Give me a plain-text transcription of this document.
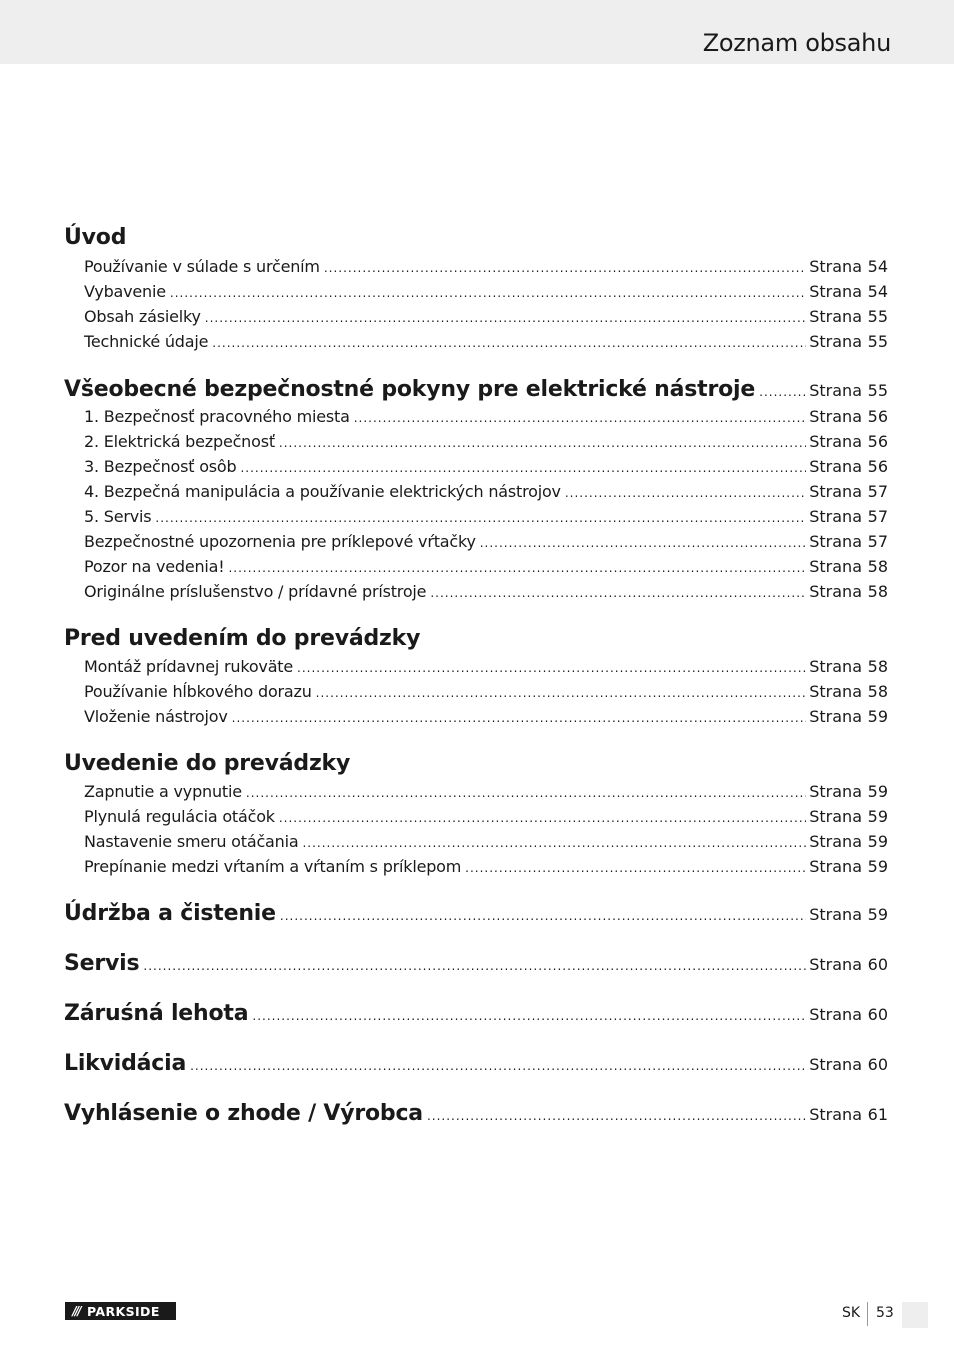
Zoznam obsahu
Úvod
Používanie v súlade s určením .....	Strana 54
Vybavenie .....	Strana 54
Obsah zásielky .....	Strana 55
Technické údaje .....	Strana 55
Všeobecné bezpečnostné pokyny pre elektrické nástroje .....	Strana 55
1. Bezpečnosť pracovného miesta .....	Strana 56
2. Elektrická bezpečnosť .....	Strana 56
3. Bezpečnosť osôb .....	Strana 56
4. Bezpečná manipulácia a používanie elektrických nástrojov .....	Strana 57
5. Servis .....	Strana 57
Bezpečnostné upozornenia pre príklepové vŕtačky .....	Strana 57
Pozor na vedenia! .....	Strana 58
Originálne príslušenstvo / prídavné prístroje .....	Strana 58
Pred uvedením do prevádzky
Montáž prídavnej rukoväte .....	Strana 58
Používanie hĺbkového dorazu .....	Strana 58
Vloženie nástrojov .....	Strana 59
Uvedenie do prevádzky
Zapnutie a vypnutie .....	Strana 59
Plynulá regulácia otáčok .....	Strana 59
Nastavenie smeru otáčania .....	Strana 59
Prepínanie medzi vŕtaním a vŕtaním s príklepom .....	Strana 59
Údržba a čistenie .....	Strana 59
Servis .....	Strana 60
Záruśná lehota .....	Strana 60
Likvidácia .....	Strana 60
Vyhlásenie o zhode / Výrobca .....	Strana 61
/// PARKSIDE	SK 53
